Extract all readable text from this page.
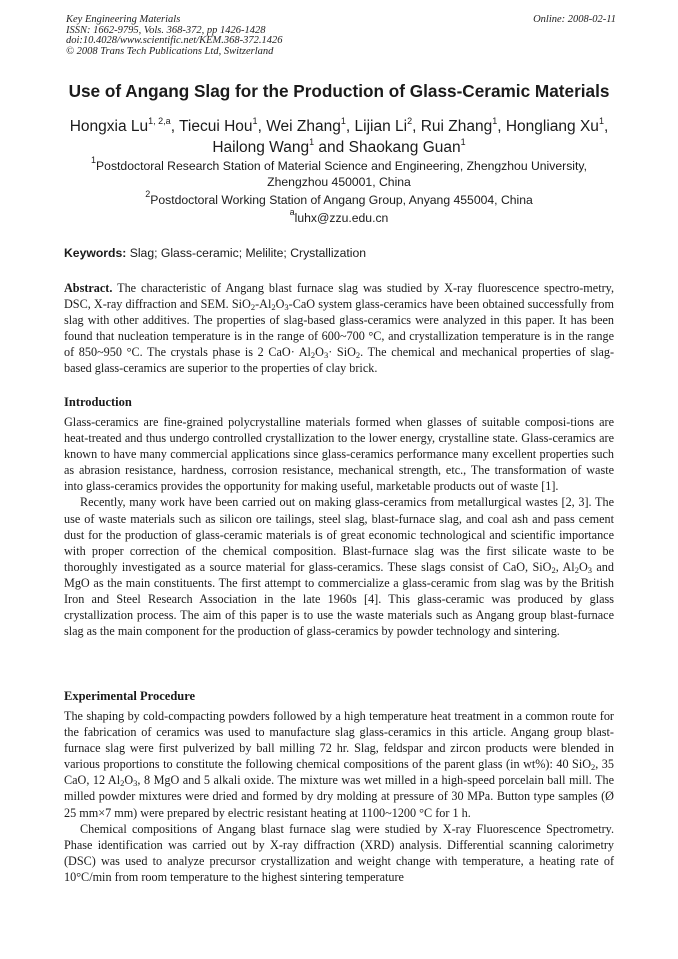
Key Engineering Materials
ISSN: 1662-9795, Vols. 368-372, pp 1426-1428
doi:10.4028/www.scientific.net/KEM.368-372.1426
© 2008 Trans Tech Publications Ltd, Switzerland
Online: 2008-02-11
Use of Angang Slag for the Production of Glass-Ceramic Materials
Hongxia Lu$^{1, 2,a}$, Tiecui Hou$^1$, Wei Zhang$^1$, Lijian Li$^2$, Rui Zhang$^1$, Hongliang Xu$^1$, Hailong Wang$^1$ and Shaokang Guan$^1$
$^1$Postdoctoral Research Station of Material Science and Engineering, Zhengzhou University,
Zhengzhou 450001, China
$^2$Postdoctoral Working Station of Angang Group, Anyang 455004, China
$^a$luhx@zzu.edu.cn
Keywords: Slag; Glass-ceramic; Melilite; Crystallization

Abstract. The characteristic of Angang blast furnace slag was studied by X-ray fluorescence spectro-metry, DSC, X-ray diffraction and SEM. $SiO_2-Al_2O_3$-CaO system glass-ceramics have been obtained successfully from slag with other additives. The properties of slag-based glass-ceramics were analyzed in this paper. It has been found that nucleation temperature is in the range of 600~700 °C, and crystallization temperature is in the range of 850~950 °C. The crystals phase is 2 $CaO\cdot Al_2O_3\cdot SiO_2$. The chemical and mechanical properties of slag-based glass-ceramics are superior to the properties of clay brick.

Introduction

Glass-ceramics are fine-grained polycrystalline materials formed when glasses of suitable composi-tions are heat-treated and thus undergo controlled crystallization to the lower energy, crystalline state. Glass-ceramics are known to have many commercial applications since glass-ceramics performance many excellent properties such as abrasion resistance, hardness, corrosion resistance, mechanical strength, etc., The transformation of waste into glass-ceramics provides the opportunity for making useful, marketable products out of waste [1].

Recently, many work have been carried out on making glass-ceramics from metallurgical wastes [2, 3]. The use of waste materials such as silicon ore tailings, steel slag, blast-furnace slag, and coal ash and pass cement dust for the production of glass-ceramic materials is of great economic technological and scientific importance with proper correction of the chemical composition. Blast-furnace slag was the first silicate waste to be thoroughly investigated as a source material for glass-ceramics. These slags consist of CaO, SiO$_2$, $Al_2O_3$ and MgO as the main constituents. The first attempt to commercialize a glass-ceramic from slag was by the British Iron and Steel Research Association in the late 1960s [4]. This glass-ceramic was produced by glass crystallization process. The aim of this paper is to use the waste materials such as Angang group blast-furnace slag as the main component for the production of glass-ceramics by powder technology and sintering.

Experimental Procedure

The shaping by cold-compacting powders followed by a high temperature heat treatment in a common route for the fabrication of ceramics was used to manufacture slag glass-ceramics in this article. Angang group blast-furnace slag were first pulverized by ball milling 72 hr. Slag, feldspar and zircon products were blended in various proportions to constitute the following chemical compositions of the parent glass (in wt%): 40 SiO$_2$, 35 CaO, 12 $Al_2O_3$, 8 MgO and 5 alkali oxide. The mixture was wet milled in a high-speed porcelain ball mill. The milled powder mixtures were dried and formed by dry molding at pressure of 30 MPa. Button type samples (Ø 25 mm×7 mm) were prepared by electric resistant heating at 1100~1200 °C for 1 h.

Chemical compositions of Angang blast furnace slag were studied by X-ray Fluorescence Spectrometry. Phase identification was carried out by X-ray diffraction (XRD) analysis. Differential scanning calorimetry (DSC) was used to analyze precursor crystallization and weight change with temperature, a heating rate of 10°C/min from room temperature to the highest sintering temperature
